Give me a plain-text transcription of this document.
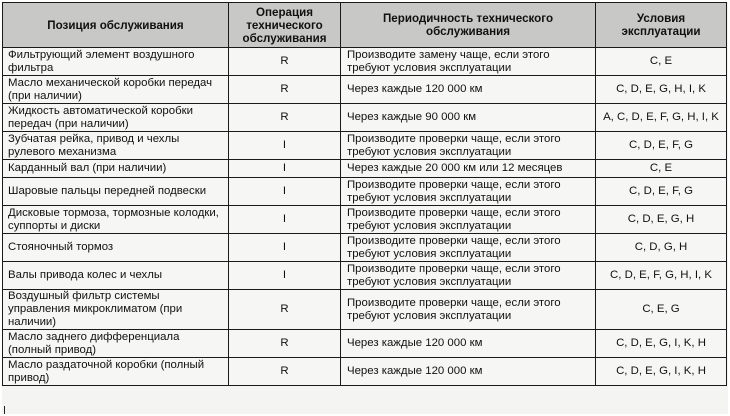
Позиция обслуживания	Операция технического обслуживания	Периодичность технического обслуживания	Условия эксплуатации
Фильтрующий элемент воздушного фильтра	R	Производите замену чаще, если этого требуют условия эксплуатации	C, E
Масло механической коробки передач (при наличии)	R	Через каждые 120 000 км	C, D, E, G, H, I, K
Жидкость автоматической коробки передач (при наличии)	R	Через каждые 90 000 км	A, C, D, E, F, G, H, I, K
Зубчатая рейка, привод и чехлы рулевого механизма	I	Производите проверки чаще, если этого требуют условия эксплуатации	C, D, E, F, G
Карданный вал (при наличии)	I	Через каждые 20 000 км или 12 месяцев	C, E
Шаровые пальцы передней подвески	I	Производите проверки чаще, если этого требуют условия эксплуатации	C, D, E, F, G
Дисковые тормоза, тормозные колодки, суппорты и диски	I	Производите проверки чаще, если этого требуют условия эксплуатации	C, D, E, G, H
Стояночный тормоз	I	Производите проверки чаще, если этого требуют условия эксплуатации	C, D, G, H
Валы привода колес и чехлы	I	Производите проверки чаще, если этого требуют условия эксплуатации	C, D, E, F, G, H, I, K
Воздушный фильтр системы управления микроклиматом (при наличии)	R	Производите проверки чаще, если этого требуют условия эксплуатации	C, E, G
Масло заднего дифференциала (полный привод)	R	Через каждые 120 000 км	C, D, E, G, I, K, H
Масло раздаточной коробки (полный привод)	R	Через каждые 120 000 км	C, D, E, G, I, K, H
